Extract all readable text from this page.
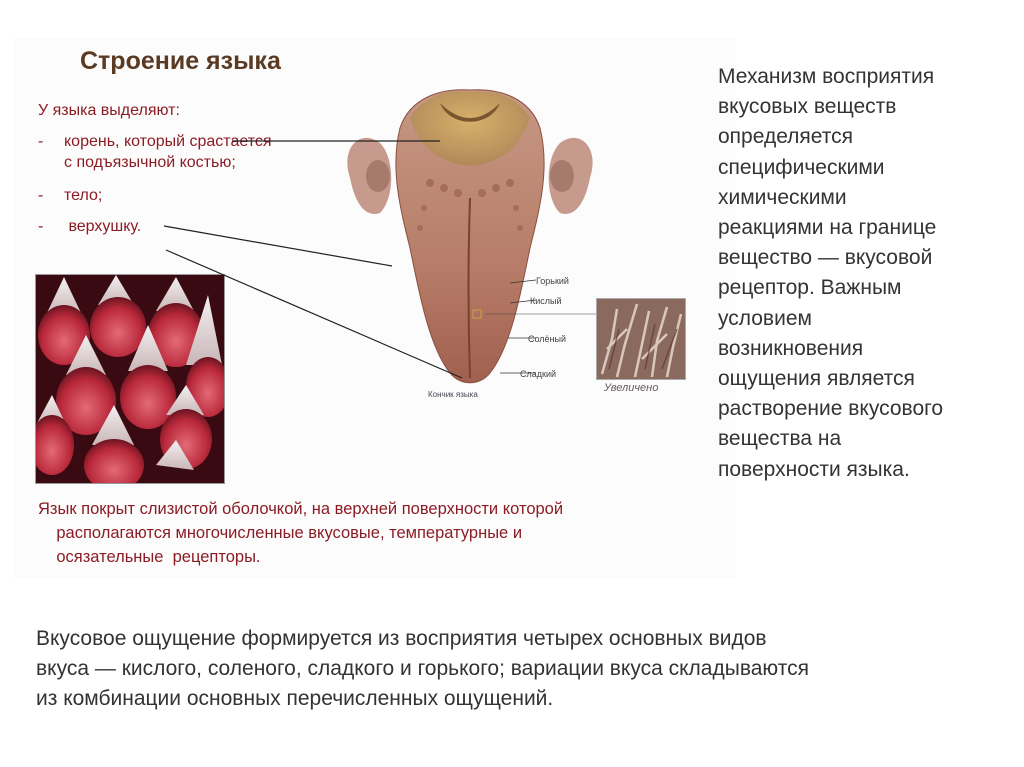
Строение языка
У языка выделяют:
- корень, который срастается
с подъязычной костью;
- тело;
- верхушку.
Горький
Кислый
Солёный
Сладкий
Кончик языка
Увеличено
Язык покрыт слизистой оболочкой, на верхней поверхности которой
располагаются многочисленные вкусовые, температурные и
осязательные  рецепторы.
Механизм восприятия
вкусовых веществ
определяется
специфическими
химическими
реакциями на границе
вещество — вкусовой
рецептор. Важным
условием
возникновения
ощущения является
растворение вкусового
вещества на
поверхности языка.
Вкусовое ощущение формируется из восприятия четырех основных видов
вкуса — кислого, соленого, сладкого и горького; вариации вкуса складываются
из комбинации основных перечисленных ощущений.
